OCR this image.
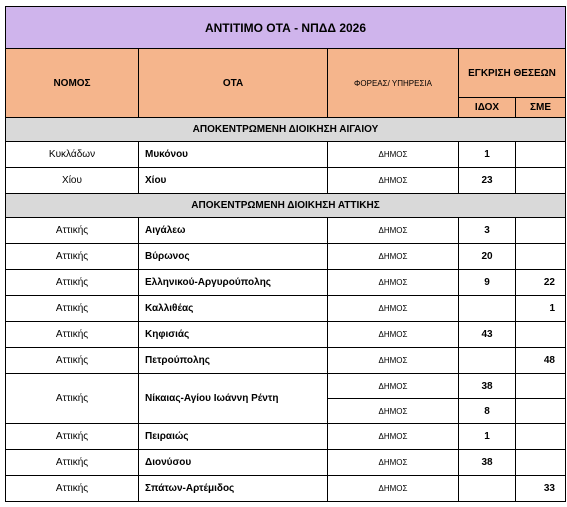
ΑΝΤΙΤΙΜΟ ΟΤΑ - ΝΠΔΔ 2026				
ΝΟΜΟΣ	ΟΤΑ	ΦΟΡΕΑΣ/ ΥΠΗΡΕΣΙΑ	ΕΓΚΡΙΣΗ ΘΕΣΕΩΝ	
			ΙΔΟΧ	ΣΜΕ
ΑΠΟΚΕΝΤΡΩΜΕΝΗ ΔΙΟΙΚΗΣΗ ΑΙΓΑΙΟΥ				
Κυκλάδων	Μυκόνου	ΔΗΜΟΣ	1	
Χίου	Χίου	ΔΗΜΟΣ	23	
ΑΠΟΚΕΝΤΡΩΜΕΝΗ ΔΙΟΙΚΗΣΗ ΑΤΤΙΚΗΣ				
Αττικής	Αιγάλεω	ΔΗΜΟΣ	3	
Αττικής	Βύρωνος	ΔΗΜΟΣ	20	
Αττικής	Ελληνικού-Αργυρούπολης	ΔΗΜΟΣ	9	22
Αττικής	Καλλιθέας	ΔΗΜΟΣ		1
Αττικής	Κηφισιάς	ΔΗΜΟΣ	43	
Αττικής	Πετρούπολης	ΔΗΜΟΣ		48
Αττικής	Νίκαιας-Αγίου Ιωάννη Ρέντη	ΔΗΜΟΣ	38	
		ΔΗΜΟΣ	8	
Αττικής	Πειραιώς	ΔΗΜΟΣ	1	
Αττικής	Διονύσου	ΔΗΜΟΣ	38	
Αττικής	Σπάτων-Αρτέμιδος	ΔΗΜΟΣ		33
